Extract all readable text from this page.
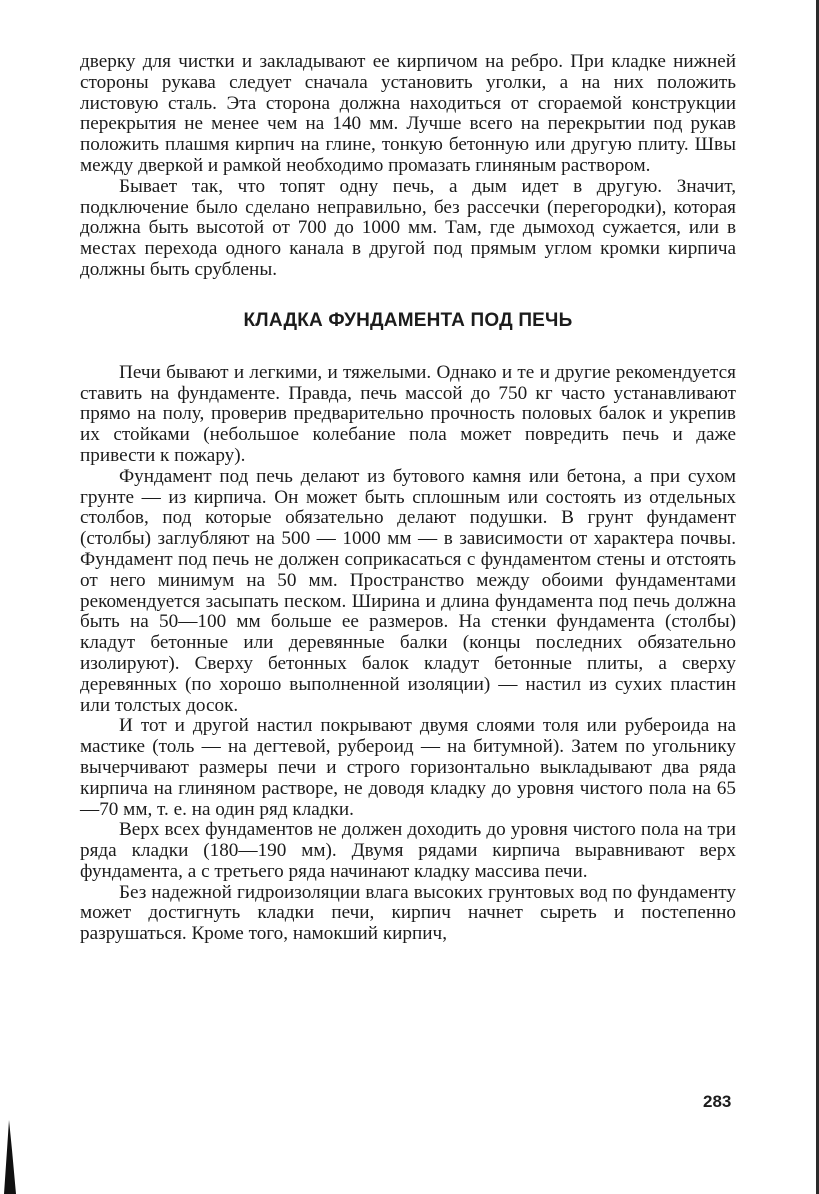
дверку для чистки и закладывают ее кирпичом на ребро. При кладке нижней стороны рукава следует сначала установить уголки, а на них положить листовую сталь. Эта сторона должна находиться от сгораемой конструкции перекрытия не менее чем на 140 мм. Лучше всего на перекрытии под рукав положить плашмя кирпич на глине, тонкую бетонную или другую плиту. Швы между дверкой и рамкой необходимо промазать глиняным раствором.

Бывает так, что топят одну печь, а дым идет в другую. Значит, подключение было сделано неправильно, без рассечки (перегородки), которая должна быть высотой от 700 до 1000 мм. Там, где дымоход сужается, или в местах перехода одного канала в другой под прямым углом кромки кирпича должны быть срублены.

КЛАДКА ФУНДАМЕНТА ПОД ПЕЧЬ

Печи бывают и легкими, и тяжелыми. Однако и те и другие рекомендуется ставить на фундаменте. Правда, печь массой до 750 кг часто устанавливают прямо на полу, проверив предварительно прочность половых балок и укрепив их стойками (небольшое колебание пола может повредить печь и даже привести к пожару).

Фундамент под печь делают из бутового камня или бетона, а при сухом грунте — из кирпича. Он может быть сплошным или состоять из отдельных столбов, под которые обязательно делают подушки. В грунт фундамент (столбы) заглубляют на 500 — 1000 мм — в зависимости от характера почвы. Фундамент под печь не должен соприкасаться с фундаментом стены и отстоять от него минимум на 50 мм. Пространство между обоими фундаментами рекомендуется засыпать песком. Ширина и длина фундамента под печь должна быть на 50—100 мм больше ее размеров. На стенки фундамента (столбы) кладут бетонные или деревянные балки (концы последних обязательно изолируют). Сверху бетонных балок кладут бетонные плиты, а сверху деревянных (по хорошо выполненной изоляции) — настил из сухих пластин или толстых досок.

И тот и другой настил покрывают двумя слоями толя или рубероида на мастике (толь — на дегтевой, рубероид — на битумной). Затем по угольнику вычерчивают размеры печи и строго горизонтально выкладывают два ряда кирпича на глиняном растворе, не доводя кладку до уровня чистого пола на 65—70 мм, т. е. на один ряд кладки.

Верх всех фундаментов не должен доходить до уровня чистого пола на три ряда кладки (180—190 мм). Двумя рядами кирпича выравнивают верх фундамента, а с третьего ряда начинают кладку массива печи.

Без надежной гидроизоляции влага высоких грунтовых вод по фундаменту может достигнуть кладки печи, кирпич начнет сыреть и постепенно разрушаться. Кроме того, намокший кирпич,

283
